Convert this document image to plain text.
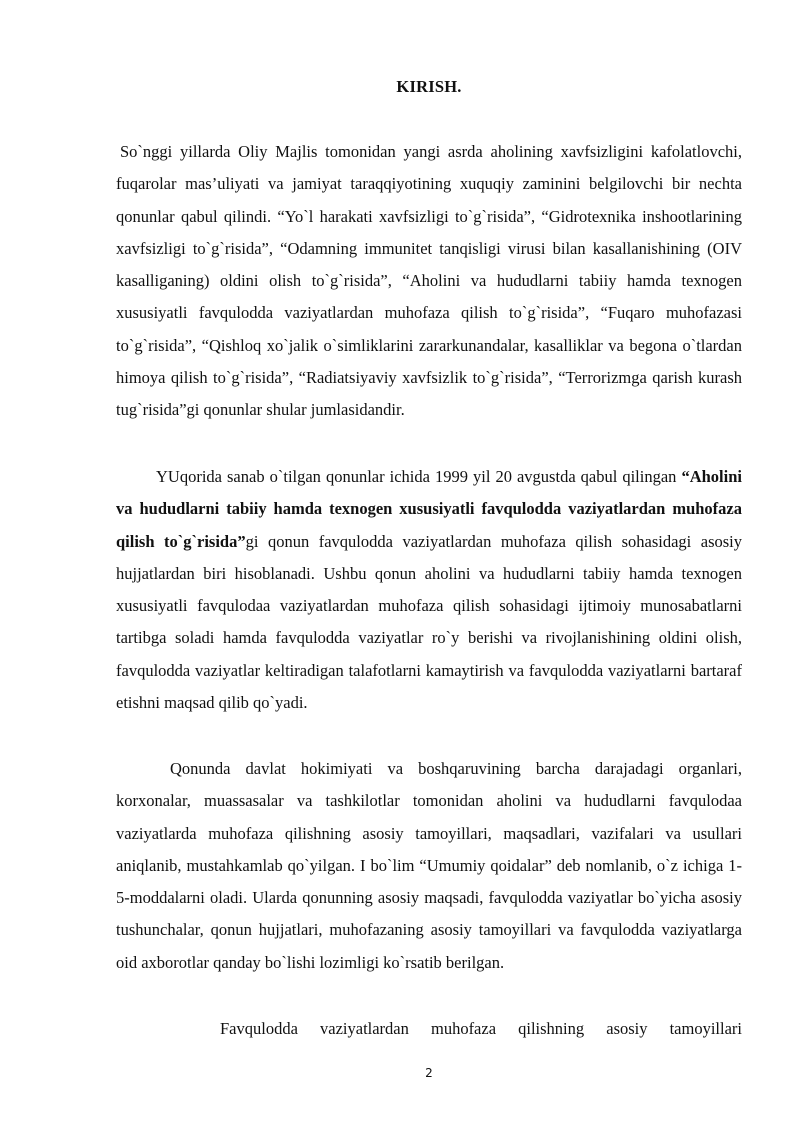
KIRISH.

So`nggi yillarda Oliy Majlis tomonidan yangi asrda aholining xavfsizligini kafolatlovchi, fuqarolar mas’uliyati va jamiyat taraqqiyotining xuquqiy zaminini belgilovchi bir nechta qonunlar qabul qilindi. “Yo`l harakati xavfsizligi to`g`risida”, “Gidrotexnika inshootlarining xavfsizligi to`g`risida”, “Odamning immunitet tanqisligi virusi bilan kasallanishining (OIV kasalliganing) oldini olish to`g`risida”, “Aholini va hududlarni tabiiy hamda texnogen xususiyatli favqulodda vaziyatlardan muhofaza qilish to`g`risida”, “Fuqaro muhofazasi to`g`risida”, “Qishloq xo`jalik o`simliklarini zararkunandalar, kasalliklar va begona o`tlardan himoya qilish to`g`risida”, “Radiatsiyaviy xavfsizlik to`g`risida”, “Terrorizmga qarish kurash tug`risida”gi qonunlar shular jumlasidandir.

YUqorida sanab o`tilgan qonunlar ichida 1999 yil 20 avgustda qabul qilingan “Aholini va hududlarni tabiiy hamda texnogen xususiyatli favqulodda vaziyatlardan muhofaza qilish to`g`risida”gi qonun favqulodda vaziyatlardan muhofaza qilish sohasidagi asosiy hujjatlardan biri hisoblanadi. Ushbu qonun aholini va hududlarni tabiiy hamda texnogen xususiyatli favqulodaa vaziyatlardan muhofaza qilish sohasidagi ijtimoiy munosabatlarni tartibga soladi hamda favqulodda vaziyatlar ro`y berishi va rivojlanishining oldini olish, favqulodda vaziyatlar keltiradigan talafotlarni kamaytirish va favqulodda vaziyatlarni bartaraf etishni maqsad qilib qo`yadi.

Qonunda davlat hokimiyati va boshqaruvining barcha darajadagi organlari, korxonalar, muassasalar va tashkilotlar tomonidan aholini va hududlarni favqulodaa vaziyatlarda muhofaza qilishning asosiy tamoyillari, maqsadlari, vazifalari va usullari aniqlanib, mustahkamlab qo`yilgan. I bo`lim “Umumiy qoidalar” deb nomlanib, o`z ichiga 1-5-moddalarni oladi. Ularda qonunning asosiy maqsadi, favqulodda vaziyatlar bo`yicha asosiy tushunchalar, qonun hujjatlari, muhofazaning asosiy tamoyillari va favqulodda vaziyatlarga oid axborotlar qanday bo`lishi lozimligi ko`rsatib berilgan.

Favqulodda vaziyatlardan muhofaza qilishning asosiy tamoyillari

2
